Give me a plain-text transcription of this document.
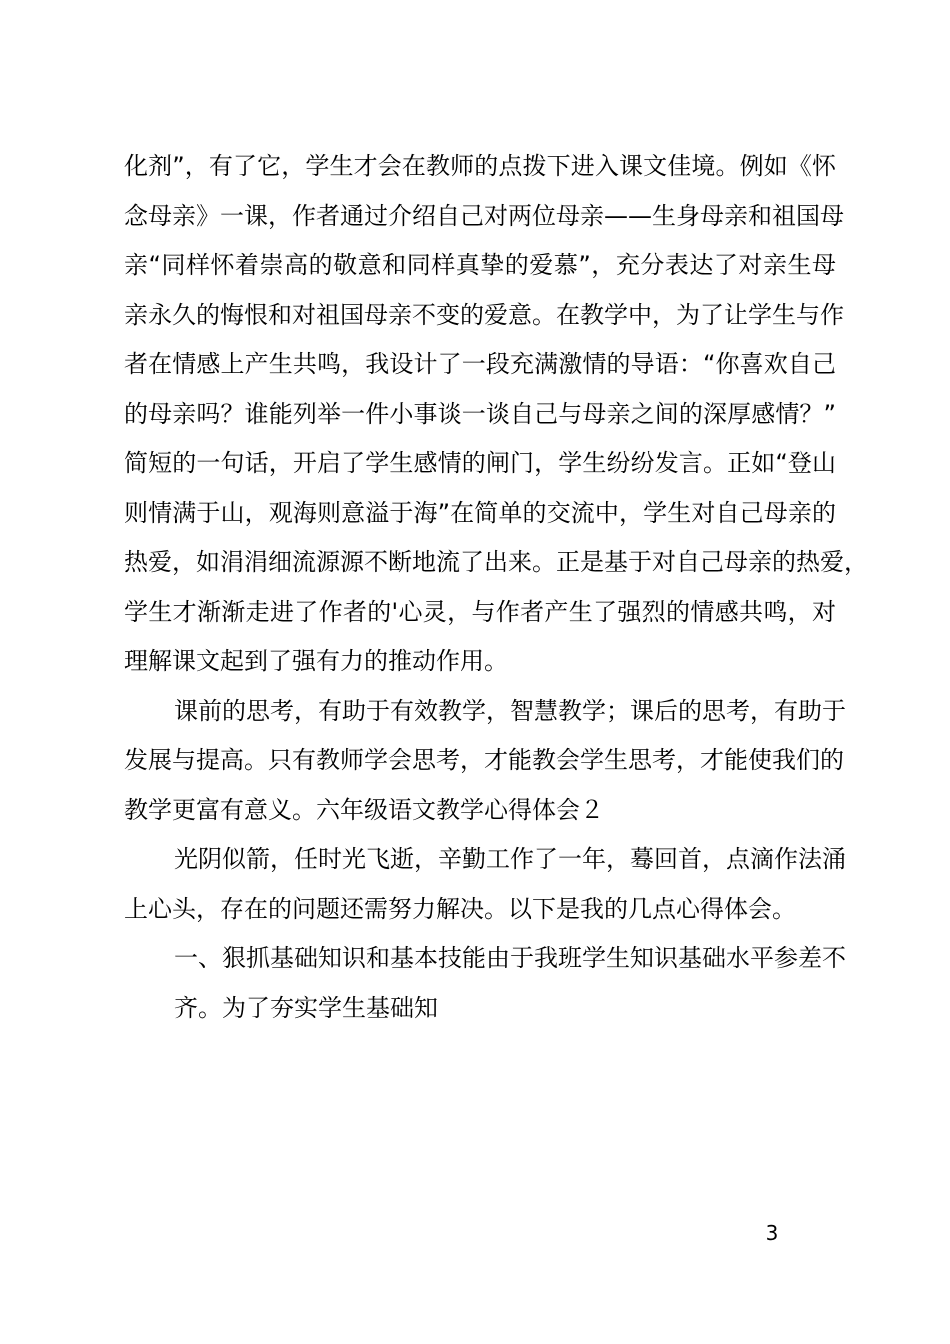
化剂”，有了它，学生才会在教师的点拨下进入课文佳境。例如《怀
念母亲》一课，作者通过介绍自己对两位母亲——生身母亲和祖国母
亲“同样怀着崇高的敬意和同样真挚的爱慕”，充分表达了对亲生母
亲永久的悔恨和对祖国母亲不变的爱意。在教学中，为了让学生与作
者在情感上产生共鸣，我设计了一段充满激情的导语：“你喜欢自己
的母亲吗？谁能列举一件小事谈一谈自己与母亲之间的深厚感情？”
简短的一句话，开启了学生感情的闸门，学生纷纷发言。正如“登山
则情满于山，观海则意溢于海”在简单的交流中，学生对自己母亲的
热爱，如涓涓细流源源不断地流了出来。正是基于对自己母亲的热爱，
学生才渐渐走进了作者的'心灵，与作者产生了强烈的情感共鸣，对
理解课文起到了强有力的推动作用。
课前的思考，有助于有效教学，智慧教学；课后的思考，有助于
发展与提高。只有教师学会思考，才能教会学生思考，才能使我们的
教学更富有意义。六年级语文教学心得体会２
光阴似箭，任时光飞逝，辛勤工作了一年，蓦回首，点滴作法涌
上心头，存在的问题还需努力解决。以下是我的几点心得体会。
一、狠抓基础知识和基本技能由于我班学生知识基础水平参差不
齐。为了夯实学生基础知
3
